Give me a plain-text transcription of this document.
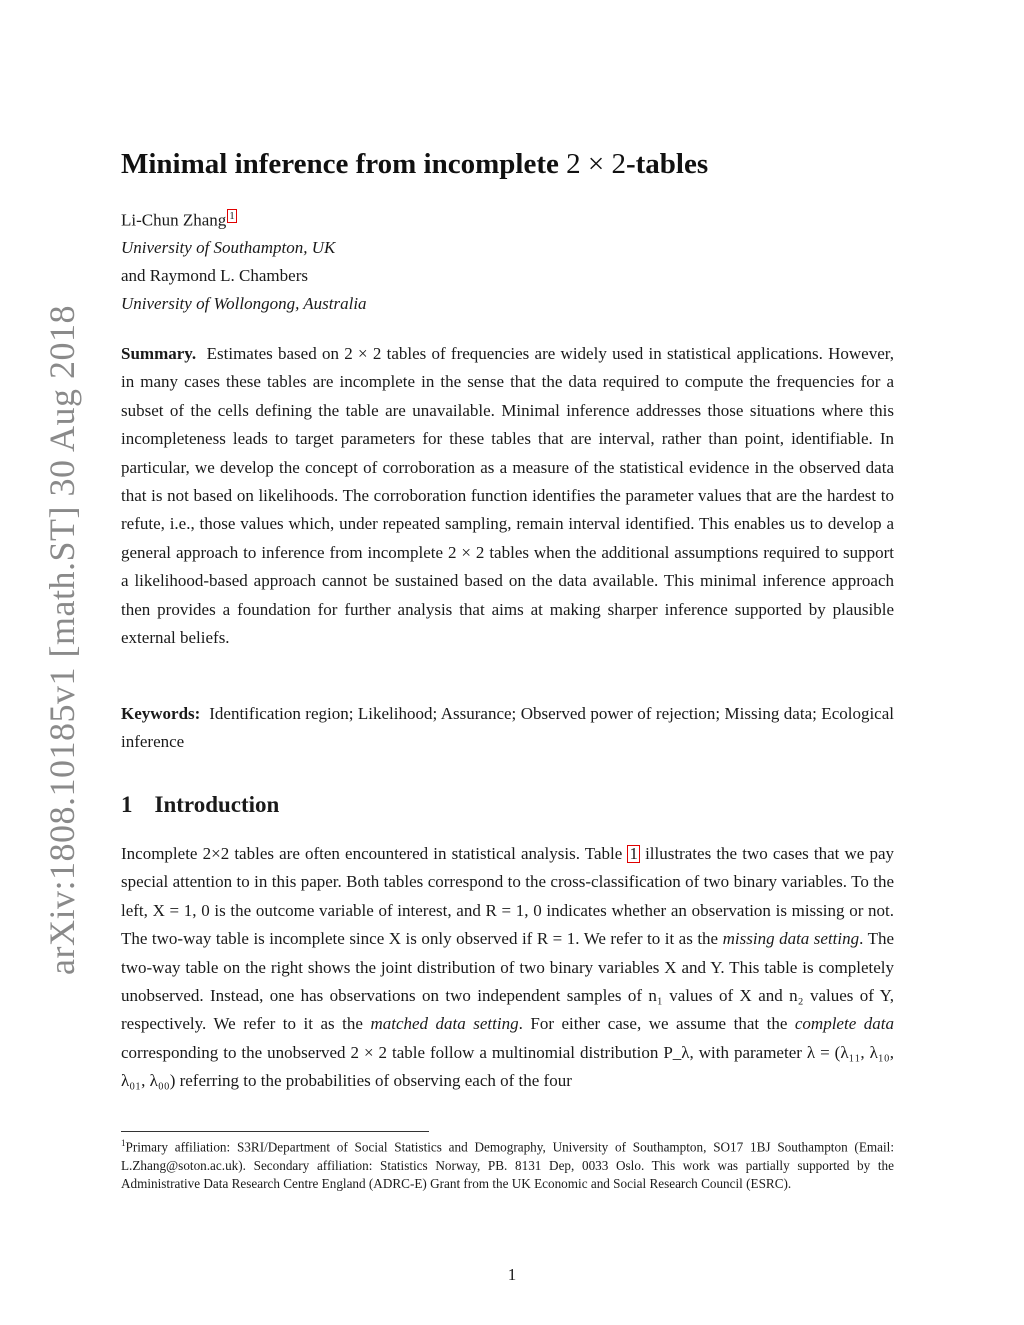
arXiv:1808.10185v1 [math.ST] 30 Aug 2018
Minimal inference from incomplete 2 × 2-tables
Li-Chun Zhang 1
University of Southampton, UK
and Raymond L. Chambers
University of Wollongong, Australia

Summary. Estimates based on 2 × 2 tables of frequencies are widely used in statistical applications. However, in many cases these tables are incomplete in the sense that the data required to compute the frequencies for a subset of the cells defining the table are unavailable. Minimal inference addresses those situations where this incompleteness leads to target parameters for these tables that are interval, rather than point, identifiable. In particular, we develop the concept of corroboration as a measure of the statistical evidence in the observed data that is not based on likelihoods. The corroboration function identifies the parameter values that are the hardest to refute, i.e., those values which, under repeated sampling, remain interval identified. This enables us to develop a general approach to inference from incomplete 2 × 2 tables when the additional assumptions required to support a likelihood-based approach cannot be sustained based on the data available. This minimal inference approach then provides a foundation for further analysis that aims at making sharper inference supported by plausible external beliefs.

Keywords: Identification region; Likelihood; Assurance; Observed power of rejection; Missing data; Ecological inference

1 Introduction

Incomplete 2×2 tables are often encountered in statistical analysis. Table 1 illustrates the two cases that we pay special attention to in this paper. Both tables correspond to the cross-classification of two binary variables. To the left, X = 1, 0 is the outcome variable of interest, and R = 1, 0 indicates whether an observation is missing or not. The two-way table is incomplete since X is only observed if R = 1. We refer to it as the missing data setting. The two-way table on the right shows the joint distribution of two binary variables X and Y. This table is completely unobserved. Instead, one has observations on two independent samples of n₁ values of X and n₂ values of Y, respectively. We refer to it as the matched data setting. For either case, we assume that the complete data corresponding to the unobserved 2 × 2 table follow a multinomial distribution P_λ, with parameter λ = (λ₁₁, λ₁₀, λ₀₁, λ₀₀) referring to the probabilities of observing each of the four

$^1$Primary affiliation: S3RI/Department of Social Statistics and Demography, University of Southampton, SO17 1BJ Southampton (Email: L.Zhang@soton.ac.uk). Secondary affiliation: Statistics Norway, PB. 8131 Dep, 0033 Oslo. This work was partially supported by the Administrative Data Research Centre England (ADRC-E) Grant from the UK Economic and Social Research Council (ESRC).

1
